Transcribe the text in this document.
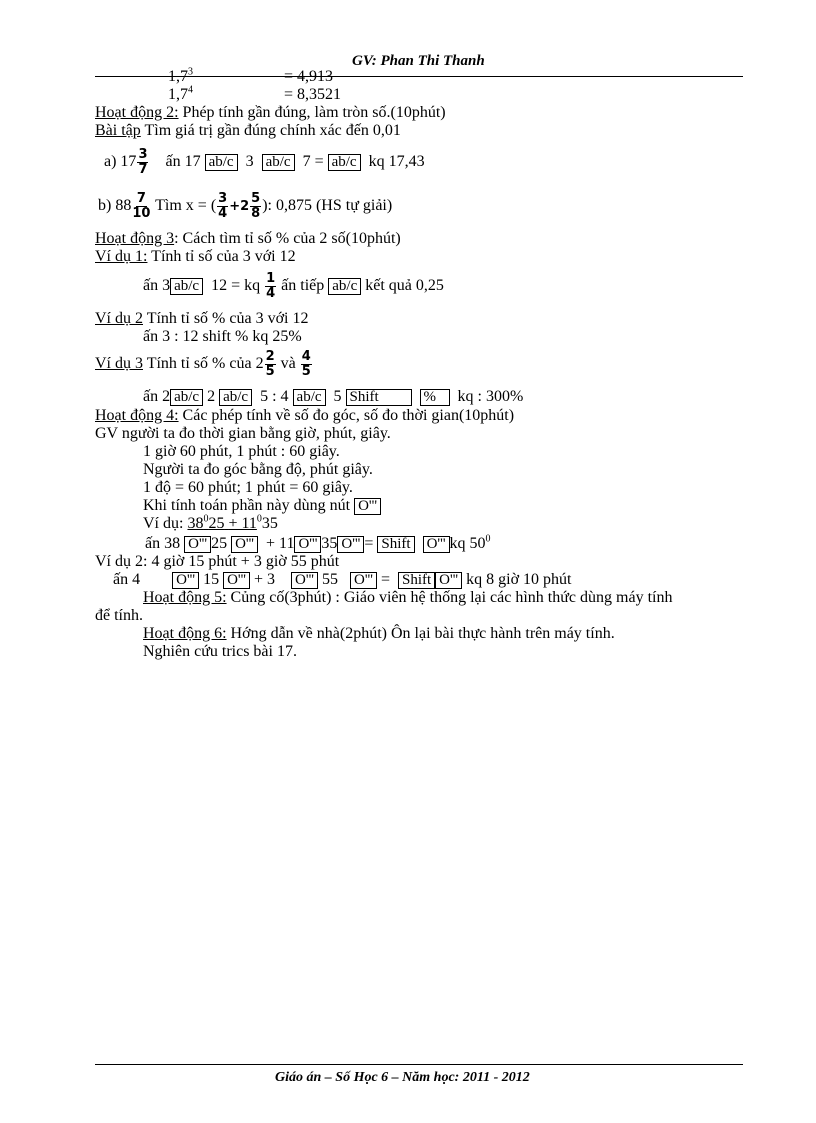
GV: Phan Thi Thanh
$1,7^3$	= 4,913
$1,7^4$	= 8,3521
Hoạt động 2: Phép tính gần đúng, làm tròn số.(10phút)
Bài tập Tìm giá trị gần đúng chính xác đến 0,01
a) $17 \frac{3}{7}$ ấn 17 ab/c 3 ab/c 7 = ab/c kq 17,43
b) $88 \frac{7}{10}$ Tìm x = ( $\frac{3}{4} +2 \frac{5}{8}$ ): 0,875 (HS tự giải)
Hoạt động 3: Cách tìm tỉ số % của 2 số(10phút)
Ví dụ 1: Tính tỉ số của 3 với 12
ấn 3 ab/c 12 = kq $\frac{1}{4}$ ấn tiếp ab/c kết quả 0,25
Ví dụ 2 Tính tỉ số % của 3 với 12
ấn 3 : 12 shift % kq 25%
Ví dụ 3 Tính tỉ số % của $2 \frac{2}{5}$ và $\frac{4}{5}$
ấn 2 ab/c 2 ab/c 5 : 4 ab/c 5 Shift	% kq : 300%
Hoạt động 4: Các phép tính về số đo góc, số đo thời gian(10phút)
GV người ta đo thời gian bằng giờ, phút, giây.
1 giờ 60 phút, 1 phút : 60 giây.
Người ta đo góc bằng độ, phút giây.
1 độ = 60 phút; 1 phút = 60 giây.
Khi tính toán phần này dùng nút O'''
Ví dụ: $38^025 + 11^035$
ấn 38 O''' 25 O''' + 11 O''' 35 O''' = Shift O''' kq $50^0$
Ví dụ 2: 4 giờ 15 phút + 3 giờ 55 phút
ấn 4 O''' 15 O''' + 3 O''' 55 O''' = Shift O''' kq 8 giờ 10 phút
Hoạt động 5: Củng cố(3phút) : Giáo viên hệ thống lại các hình thức dùng máy tính
để tính.
Hoạt động 6: Hớng dẫn về nhà(2phút) Ôn lại bài thực hành trên máy tính.
Nghiên cứu trics bài 17.
Giáo án – Số Học 6 – Năm học: 2011 - 2012
